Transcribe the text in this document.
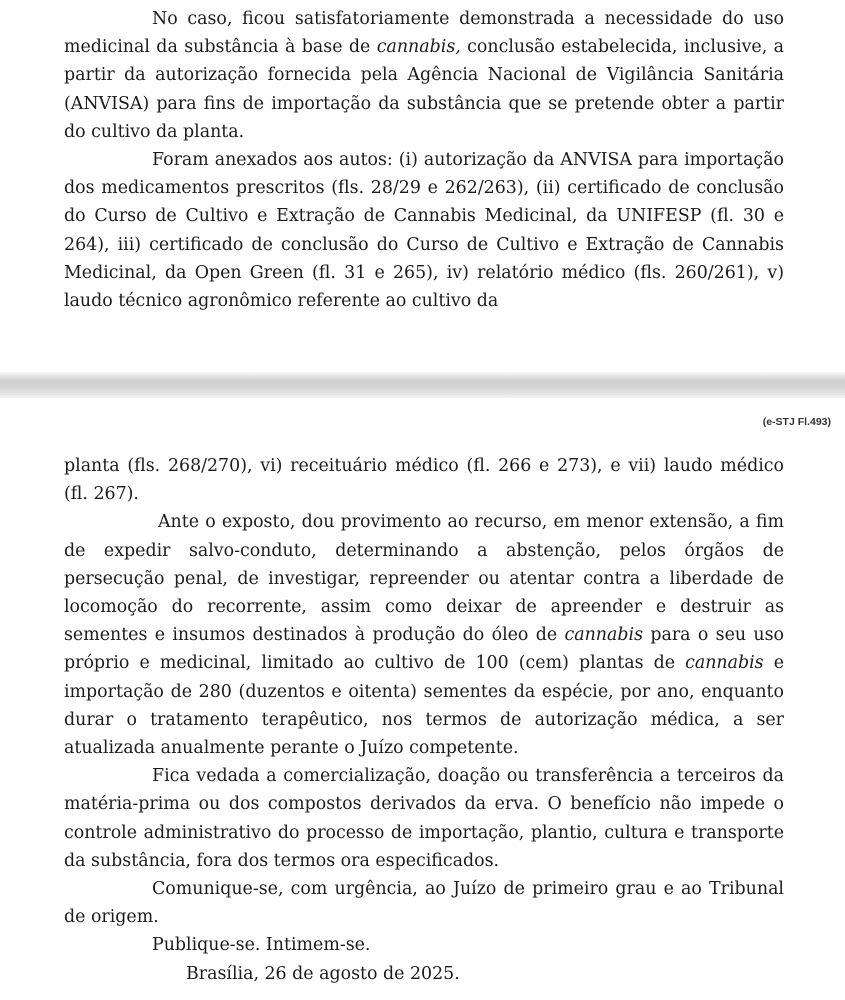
No caso, ficou satisfatoriamente demonstrada a necessidade do uso medicinal da substância à base de cannabis, conclusão estabelecida, inclusive, a partir da autorização fornecida pela Agência Nacional de Vigilância Sanitária (ANVISA) para fins de importação da substância que se pretende obter a partir do cultivo da planta.

Foram anexados aos autos: (i) autorização da ANVISA para importação dos medicamentos prescritos (fls. 28/29 e 262/263), (ii) certificado de conclusão do Curso de Cultivo e Extração de Cannabis Medicinal, da UNIFESP (fl. 30 e 264), iii) certificado de conclusão do Curso de Cultivo e Extração de Cannabis Medicinal, da Open Green (fl. 31 e 265), iv) relatório médico (fls. 260/261), v) laudo técnico agronômico referente ao cultivo da

(e-STJ Fl.493)

planta (fls. 268/270), vi) receituário médico (fl. 266 e 273), e vii) laudo médico (fl. 267).

Ante o exposto, dou provimento ao recurso, em menor extensão, a fim de expedir salvo-conduto, determinando a abstenção, pelos órgãos de persecução penal, de investigar, repreender ou atentar contra a liberdade de locomoção do recorrente, assim como deixar de apreender e destruir as sementes e insumos destinados à produção do óleo de cannabis para o seu uso próprio e medicinal, limitado ao cultivo de 100 (cem) plantas de cannabis e importação de 280 (duzentos e oitenta) sementes da espécie, por ano, enquanto durar o tratamento terapêutico, nos termos de autorização médica, a ser atualizada anualmente perante o Juízo competente.

Fica vedada a comercialização, doação ou transferência a terceiros da matéria-prima ou dos compostos derivados da erva. O benefício não impede o controle administrativo do processo de importação, plantio, cultura e transporte da substância, fora dos termos ora especificados.

Comunique-se, com urgência, ao Juízo de primeiro grau e ao Tribunal de origem.

Publique-se. Intimem-se.

Brasília, 26 de agosto de 2025.
